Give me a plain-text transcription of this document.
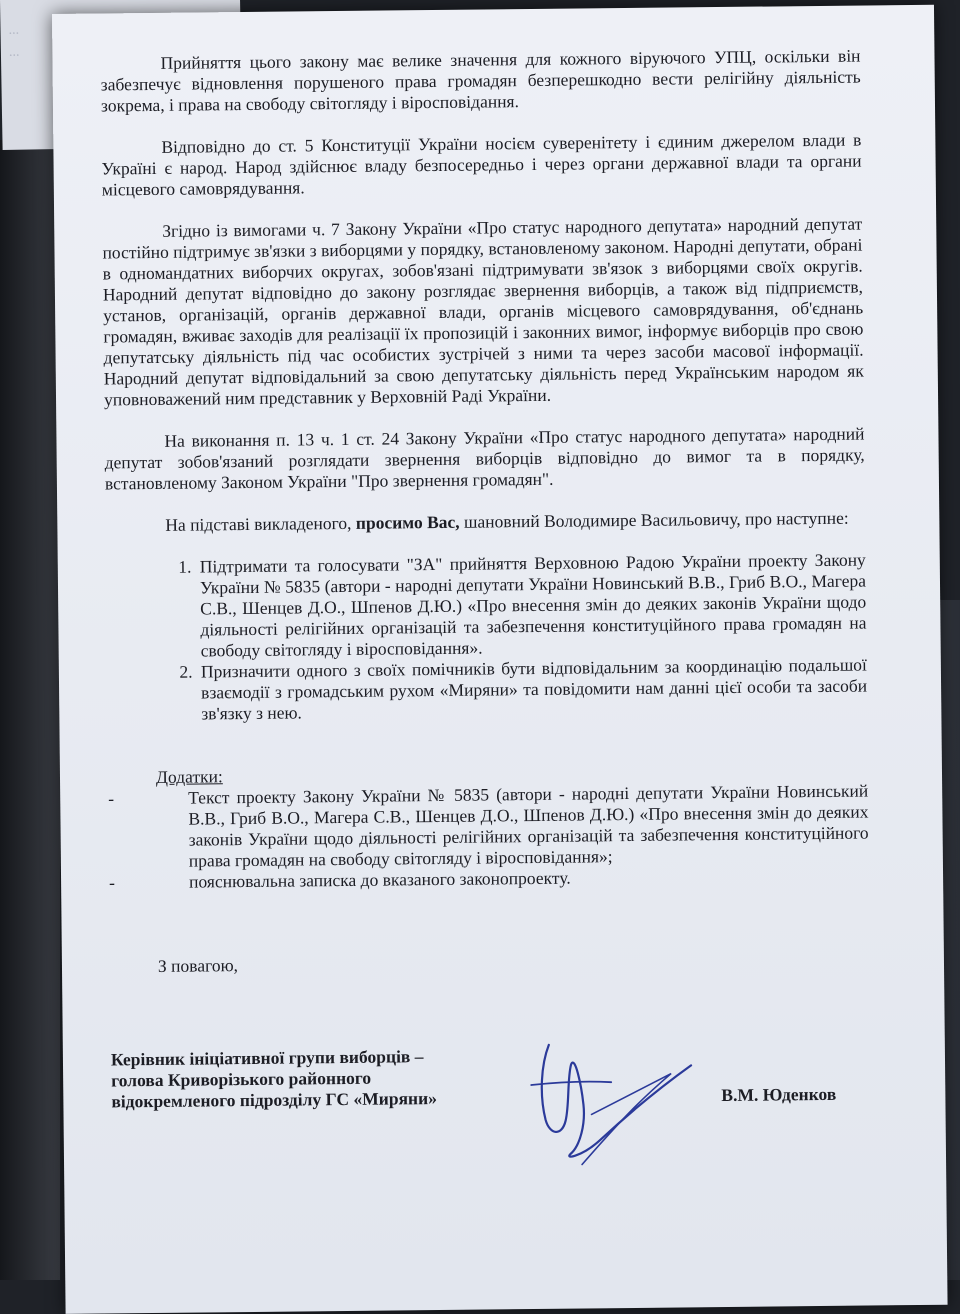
...
...	Прийняття цього закону має велике значення для кожного віруючого УПЦ, оскільки він забезпечує відновлення порушеного права громадян безперешкодно вести релігійну діяльність зокрема, і права на свободу світогляду і віросповідання.

Відповідно до ст. 5 Конституції України носієм суверенітету і єдиним джерелом влади в Україні є народ. Народ здійснює владу безпосередньо і через органи державної влади та органи місцевого самоврядування.

Згідно із вимогами ч. 7 Закону України «Про статус народного депутата» народний депутат постійно підтримує зв'язки з виборцями у порядку, встановленому законом. Народні депутати, обрані в одномандатних виборчих округах, зобов'язані підтримувати зв'язок з виборцями своїх округів. Народний депутат відповідно до закону розглядає звернення виборців, а також від підприємств, установ, організацій, органів державної влади, органів місцевого самоврядування, об'єднань громадян, вживає заходів для реалізації їх пропозицій і законних вимог, інформує виборців про свою депутатську діяльність під час особистих зустрічей з ними та через засоби масової інформації. Народний депутат відповідальний за свою депутатську діяльність перед Українським народом як уповноважений ним представник у Верховній Раді України.

На виконання п. 13 ч. 1 ст. 24 Закону України «Про статус народного депутата» народний депутат зобов'язаний розглядати звернення виборців відповідно до вимог та в порядку, встановленому Законом України "Про звернення громадян".

На підставі викладеного, просимо Вас, шановний Володимире Васильовичу, про наступне:

1. Підтримати та голосувати "ЗА" прийняття Верховною Радою України проекту Закону України № 5835 (автори - народні депутати України Новинський В.В., Гриб В.О., Магера С.В., Шенцев Д.О., Шпенов Д.Ю.) «Про внесення змін до деяких законів України щодо діяльності релігійних організацій та забезпечення конституційного права громадян на свободу світогляду і віросповідання».
2. Призначити одного з своїх помічників бути відповідальним за координацію подальшої взаємодії з громадським рухом «Миряни» та повідомити нам данні цієї особи та засоби зв'язку з нею.

Додатки:

- Текст проекту Закону України № 5835 (автори - народні депутати України Новинський В.В., Гриб В.О., Магера С.В., Шенцев Д.О., Шпенов Д.Ю.) «Про внесення змін до деяких законів України щодо діяльності релігійних організацій та забезпечення конституційного права громадян на свободу світогляду і віросповідання»;
- пояснювальна записка до вказаного законопроекту.

З повагою,

Керівник ініціативної групи виборців –
голова Криворізького районного
відокремленого підрозділу ГС «Миряни»	В.М. Юденков
